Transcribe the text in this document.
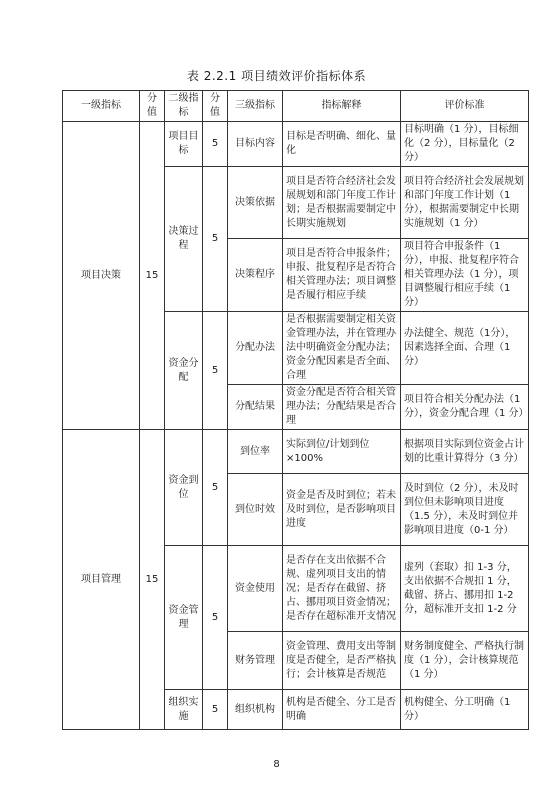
表 2.2.1 项目绩效评价指标体系
一级指标	分值	二级指标	分值	三级指标	指标解释	评价标准
项目决策	15	项目目标	5	目标内容	目标是否明确、细化、量化	目标明确（1 分），目标细化（2 分），目标量化（2 分）
		决策过程	5	决策依据	项目是否符合经济社会发展规划和部门年度工作计划；是否根据需要制定中长期实施规划	项目符合经济社会发展规划和部门年度工作计划（1 分），根据需要制定中长期实施规划（1 分）
				决策程序	项目是否符合申报条件；申报、批复程序是否符合相关管理办法；项目调整是否履行相应手续	项目符合申报条件（1 分），申报、批复程序符合相关管理办法（1 分），项目调整履行相应手续（1 分）
		资金分配	5	分配办法	是否根据需要制定相关资金管理办法，并在管理办法中明确资金分配办法；资金分配因素是否全面、合理	办法健全、规范（1分），因素选择全面、合理（1 分）
				分配结果	资金分配是否符合相关管理办法；分配结果是否合理	项目符合相关分配办法（1分），资金分配合理（1 分）
项目管理	15	资金到位	5	到位率	实际到位/计划到位×100%	根据项目实际到位资金占计划的比重计算得分（3 分）
				到位时效	资金是否及时到位；若未及时到位，是否影响项目进度	及时到位（2 分），未及时到位但未影响项目进度（1.5 分），未及时到位并影响项目进度（0-1 分）
		资金管理	5	资金使用	是否存在支出依据不合规、虚列项目支出的情况；是否存在截留、挤占、挪用项目资金情况；是否存在超标准开支情况	虚列（套取）扣 1-3 分，支出依据不合规扣 1 分，截留、挤占、挪用扣 1-2 分，超标准开支扣 1-2 分
				财务管理	资金管理、费用支出等制度是否健全，是否严格执行；会计核算是否规范	财务制度健全、严格执行制度（1 分），会计核算规范（1 分）
		组织实施	5	组织机构	机构是否健全、分工是否明确	机构健全、分工明确（1 分）
8
